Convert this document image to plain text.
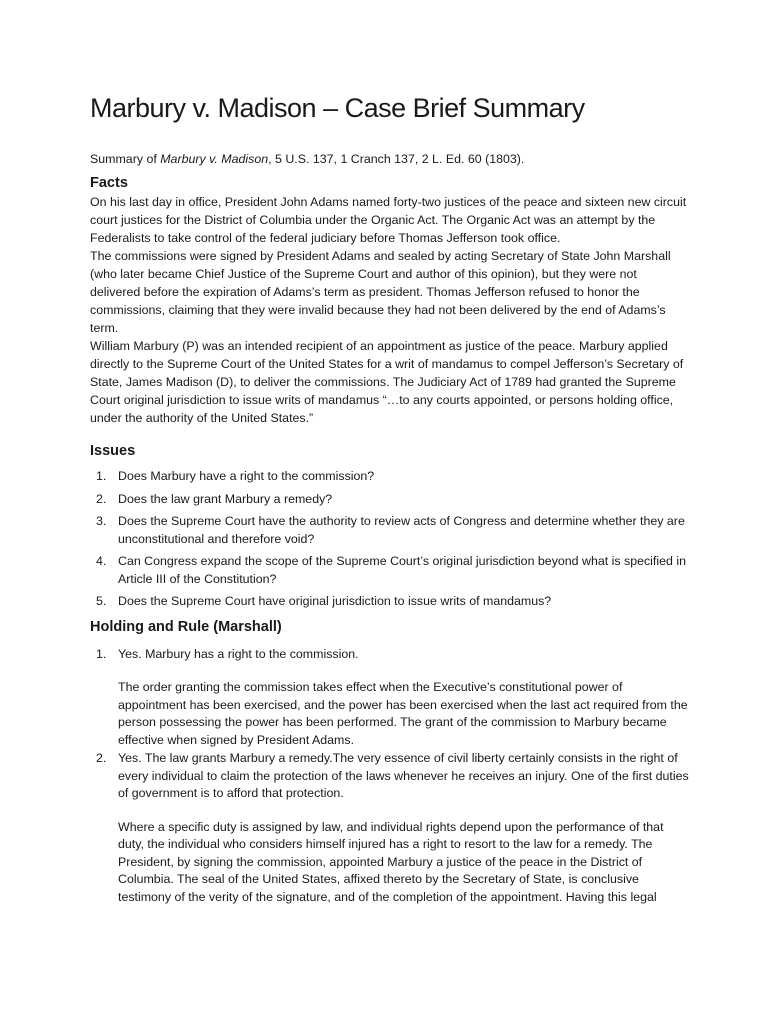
Marbury v. Madison – Case Brief Summary
Summary of Marbury v. Madison, 5 U.S. 137, 1 Cranch 137, 2 L. Ed. 60 (1803).
Facts

On his last day in office, President John Adams named forty-two justices of the peace and sixteen new circuit court justices for the District of Columbia under the Organic Act. The Organic Act was an attempt by the Federalists to take control of the federal judiciary before Thomas Jefferson took office.

The commissions were signed by President Adams and sealed by acting Secretary of State John Marshall (who later became Chief Justice of the Supreme Court and author of this opinion), but they were not delivered before the expiration of Adams’s term as president. Thomas Jefferson refused to honor the commissions, claiming that they were invalid because they had not been delivered by the end of Adams’s term.

William Marbury (P) was an intended recipient of an appointment as justice of the peace. Marbury applied directly to the Supreme Court of the United States for a writ of mandamus to compel Jefferson’s Secretary of State, James Madison (D), to deliver the commissions. The Judiciary Act of 1789 had granted the Supreme Court original jurisdiction to issue writs of mandamus “…to any courts appointed, or persons holding office, under the authority of the United States.”

Issues
1. Does Marbury have a right to the commission?
2. Does the law grant Marbury a remedy?
3. Does the Supreme Court have the authority to review acts of Congress and determine whether they are unconstitutional and therefore void?
4. Can Congress expand the scope of the Supreme Court’s original jurisdiction beyond what is specified in Article III of the Constitution?
5. Does the Supreme Court have original jurisdiction to issue writs of mandamus?
Holding and Rule (Marshall)
1. Yes. Marbury has a right to the commission.
The order granting the commission takes effect when the Executive’s constitutional power of appointment has been exercised, and the power has been exercised when the last act required from the person possessing the power has been performed. The grant of the commission to Marbury became effective when signed by President Adams.
2. Yes. The law grants Marbury a remedy.The very essence of civil liberty certainly consists in the right of every individual to claim the protection of the laws whenever he receives an injury. One of the first duties of government is to afford that protection.
Where a specific duty is assigned by law, and individual rights depend upon the performance of that duty, the individual who considers himself injured has a right to resort to the law for a remedy. The President, by signing the commission, appointed Marbury a justice of the peace in the District of Columbia. The seal of the United States, affixed thereto by the Secretary of State, is conclusive testimony of the verity of the signature, and of the completion of the appointment. Having this legal
